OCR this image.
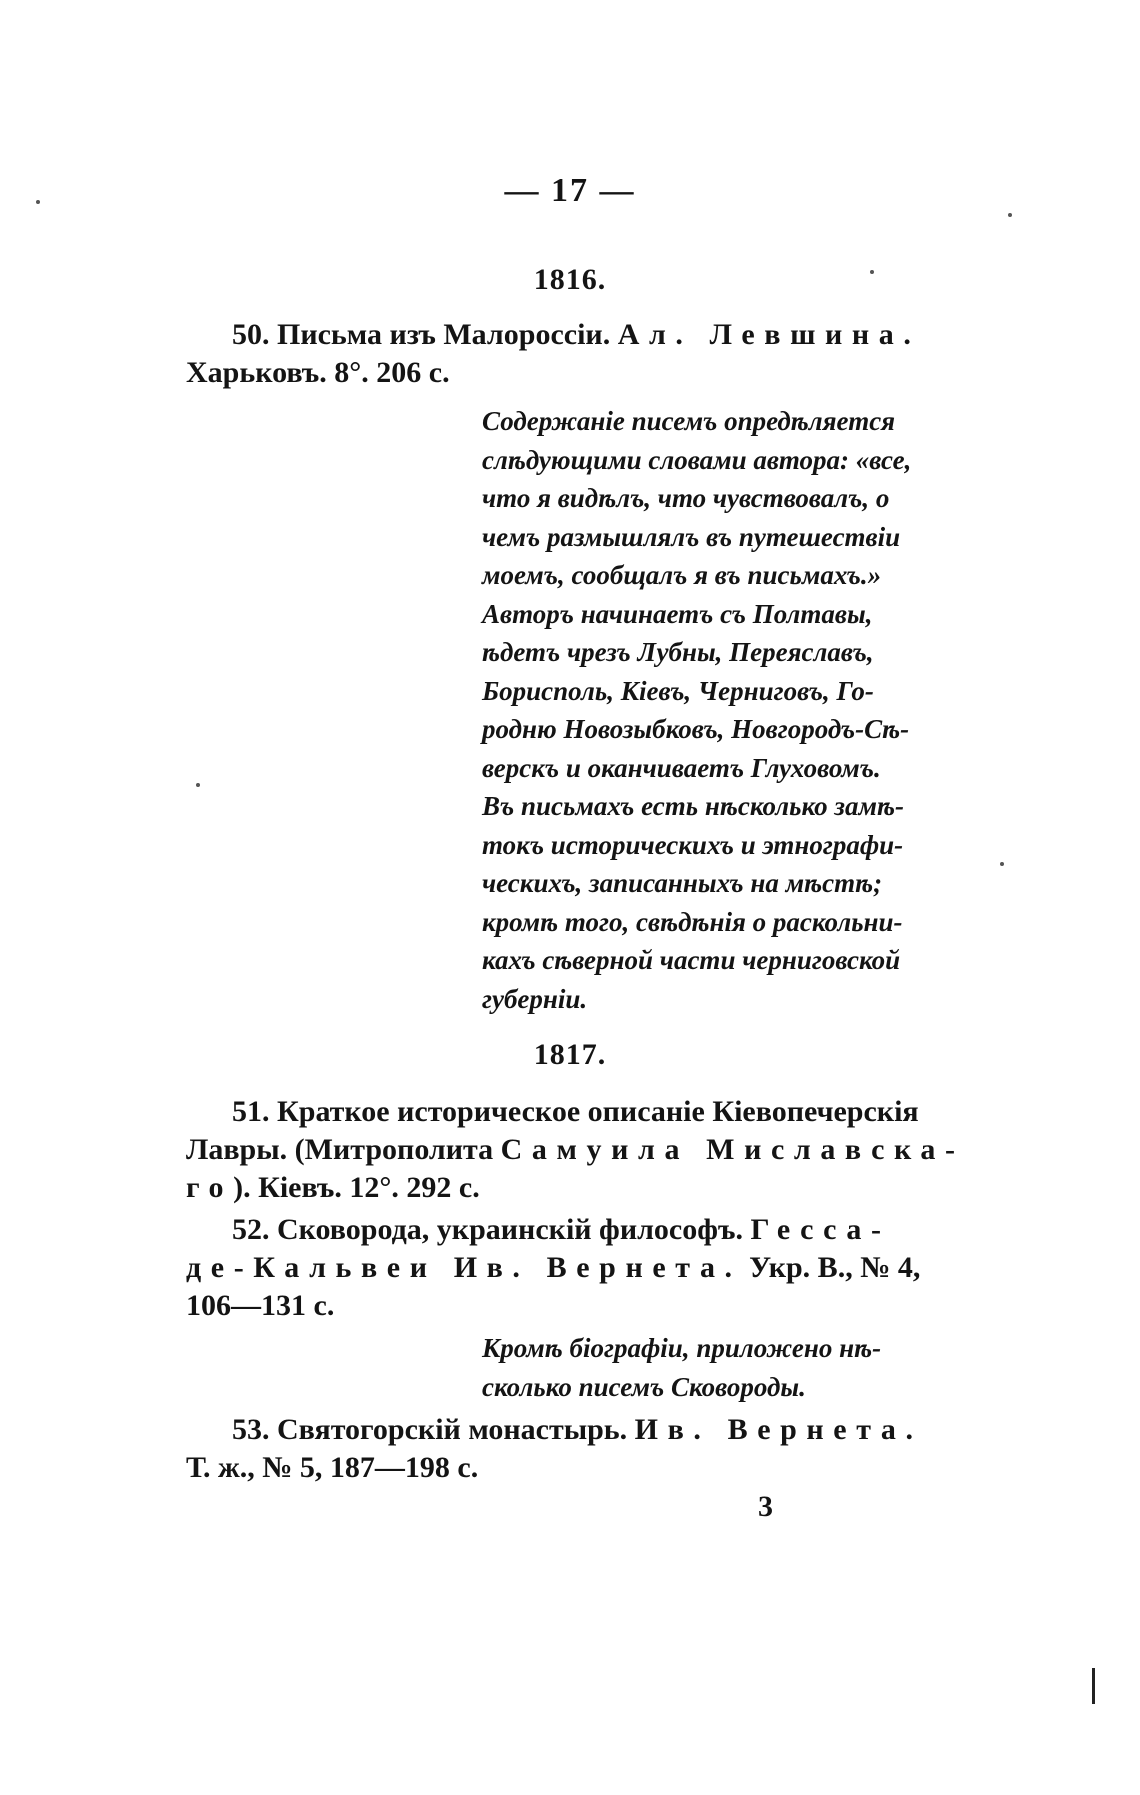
— 17 —
1816.
50. Письма изъ Малороссіи. Ал. Левшина.
Харьковъ. 8°. 206 с.
Содержаніе писемъ опредѣляется
слѣдующими словами автора: «все,
что я видѣлъ, что чувствовалъ, о
чемъ размышлялъ въ путешествіи
моемъ, сообщалъ я въ письмахъ.»
Авторъ начинаетъ съ Полтавы,
ѣдетъ чрезъ Лубны, Переяславъ,
Борисполь, Кіевъ, Черниговъ, Го-
родню Новозыбковъ, Новгородъ-Сѣ-
верскъ и оканчиваетъ Глуховомъ.
Въ письмахъ есть нѣсколько замѣ-
токъ историческихъ и этнографи-
ческихъ, записанныхъ на мѣстѣ;
кромѣ того, свѣдѣнія о раскольни-
кахъ сѣверной части черниговской
губерніи.
1817.
51. Краткое историческое описаніе Кіевопечерскія
Лавры. (Митрополита Самуила Миславска-
го). Кіевъ. 12°. 292 с.
52. Сковорода, украинскій философъ. Гесса-
де-Кальвеи Ив. Вернета. Укр. В., № 4,
106—131 с.
Кромѣ біографіи, приложено нѣ-
сколько писемъ Сковороды.
53. Святогорскій монастырь. Ив. Вернета.
Т. ж., № 5, 187—198 с.
3
